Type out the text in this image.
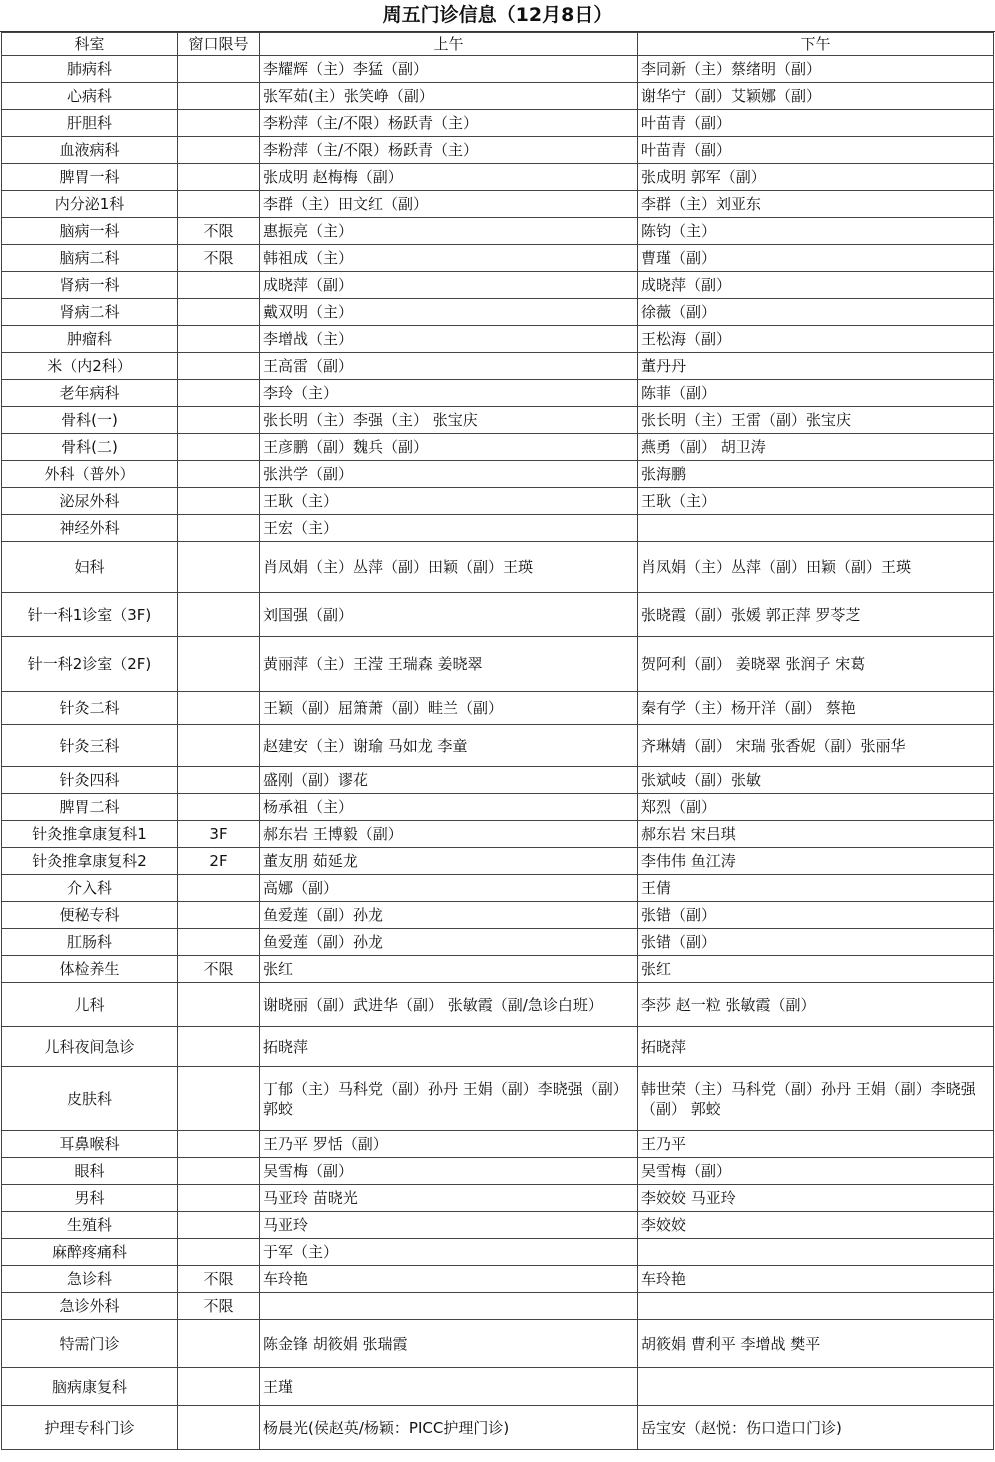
周五门诊信息（12月8日）
科室	窗口限号	上午	下午
肺病科		李耀辉（主）李猛（副）	李同新（主）蔡绪明（副）
心病科		张军茹(主）张笑峥（副）	谢华宁（副）艾颖娜（副）
肝胆科		李粉萍（主/不限）杨跃青（主）	叶苗青（副）
血液病科		李粉萍（主/不限）杨跃青（主）	叶苗青（副）
脾胃一科		张成明 赵梅梅（副）	张成明 郭军（副）
内分泌1科		李群（主）田文红（副）	李群（主）刘亚东
脑病一科	不限	惠振亮（主）	陈钧（主）
脑病二科	不限	韩祖成（主）	曹瑾（副）
肾病一科		成晓萍（副）	成晓萍（副）
肾病二科		戴双明（主）	徐薇（副）
肿瘤科		李增战（主）	王松海（副）
米（内2科）		王高雷（副）	董丹丹
老年病科		李玲（主）	陈菲（副）
骨科(一)		张长明（主）李强（主） 张宝庆	张长明（主）王雷（副）张宝庆
骨科(二)		王彦鹏（副）魏兵（副）	燕勇（副） 胡卫涛
外科（普外）		张洪学（副）	张海鹏
泌尿外科		王耿（主）	王耿（主）
神经外科		王宏（主）	
妇科		肖凤娟（主）丛萍（副）田颖（副）王瑛	肖凤娟（主）丛萍（副）田颖（副）王瑛
针一科1诊室（3F)		刘国强（副）	张晓霞（副）张媛 郭正萍 罗苓芝
针一科2诊室（2F)		黄丽萍（主）王滢 王瑞森 姜晓翠	贺阿利（副） 姜晓翠 张润子 宋葛
针灸二科		王颖（副）屈箫萧（副）畦兰（副）	秦有学（主）杨开洋（副） 蔡艳
针灸三科		赵建安（主）谢瑜 马如龙 李童	齐琳婧（副） 宋瑞 张香妮（副）张丽华
针灸四科		盛刚（副）谬花	张斌岐（副）张敏
脾胃二科		杨承祖（主）	郑烈（副）
针灸推拿康复科1	3F	郝东岩 王博毅（副）	郝东岩 宋吕琪
针灸推拿康复科2	2F	董友朋 茹延龙	李伟伟 鱼江涛
介入科		高娜（副）	王倩
便秘专科		鱼爱莲（副）孙龙	张错（副）
肛肠科		鱼爱莲（副）孙龙	张错（副）
体检养生	不限	张红	张红
儿科		谢晓丽（副）武进华（副） 张敏霞（副/急诊白班）	李莎 赵一粒 张敏霞（副）
儿科夜间急诊		拓晓萍	拓晓萍
皮肤科		丁郁（主）马科党（副）孙丹 王娟（副）李晓强（副） 郭蛟	韩世荣（主）马科党（副）孙丹 王娟（副）李晓强（副） 郭蛟
耳鼻喉科		王乃平 罗恬（副）	王乃平
眼科		吴雪梅（副）	吴雪梅（副）
男科		马亚玲 苗晓光	李姣姣 马亚玲
生殖科		马亚玲	李姣姣
麻醉疼痛科		于军（主）	
急诊科	不限	车玲艳	车玲艳
急诊外科	不限		
特需门诊		陈金锋 胡筱娟 张瑞霞	胡筱娟 曹利平 李增战 樊平
脑病康复科		王瑾	
护理专科门诊		杨晨光(侯赵英/杨颖：PICC护理门诊)	岳宝安（赵悦：伤口造口门诊)
